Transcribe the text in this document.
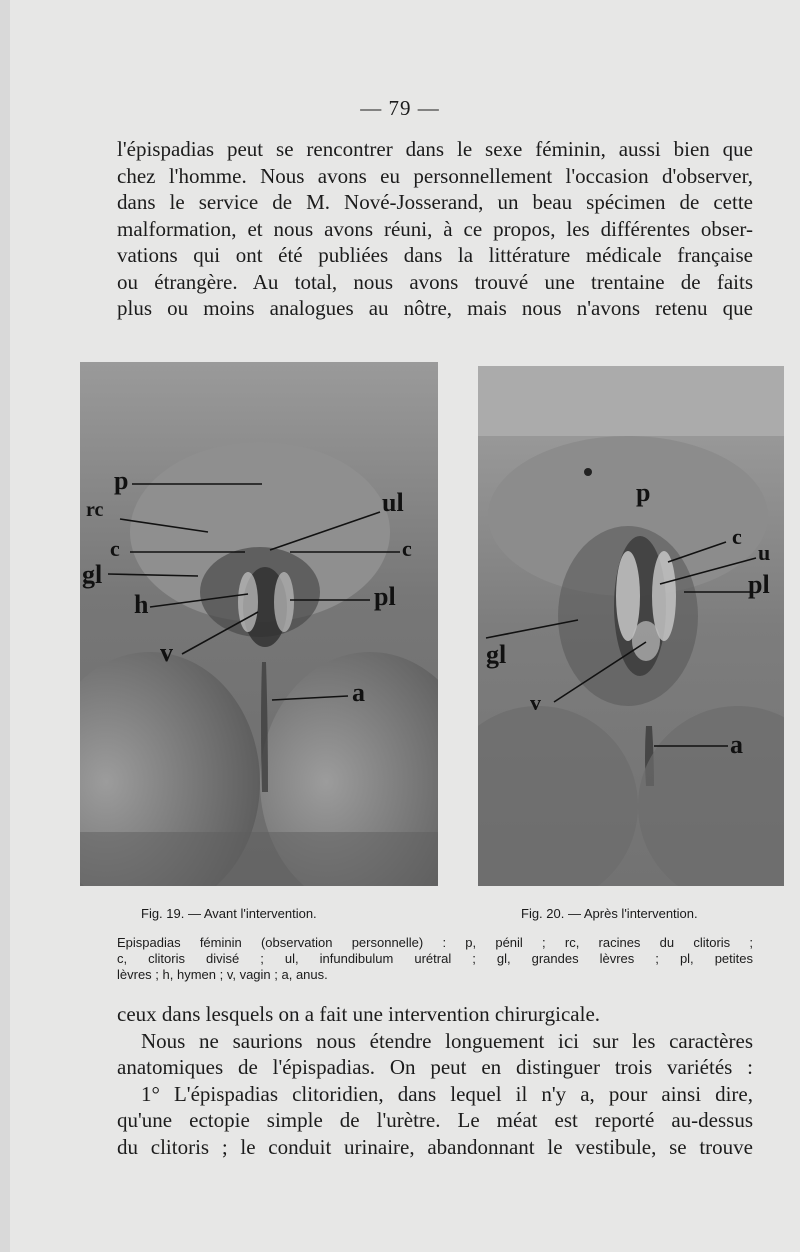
— 79 —
l'épispadias peut se rencontrer dans le sexe féminin, aussi bien que
chez l'homme. Nous avons eu personnellement l'occasion d'observer,
dans le service de M. Nové-Josserand, un beau spécimen de cette
malformation, et nous avons réuni, à ce propos, les différentes obser-
vations qui ont été publiées dans la littérature médicale française
ou étrangère. Au total, nous avons trouvé une trentaine de faits
plus ou moins analogues au nôtre, mais nous n'avons retenu que
p
rc
c
ul
c
gl
h	pl
v
a
p
c
u
pl
gl
v
a
Fig. 19. — Avant l'intervention.	Fig. 20. — Après l'intervention.
Epispadias féminin (observation personnelle) : p, pénil ; rc, racines du clitoris ;
c, clitoris divisé ; ul, infundibulum urétral ; gl, grandes lèvres ; pl, petites
lèvres ; h, hymen ; v, vagin ; a, anus.
ceux dans lesquels on a fait une intervention chirurgicale.
Nous ne saurions nous étendre longuement ici sur les caractères
anatomiques de l'épispadias. On peut en distinguer trois variétés :
1° L'épispadias clitoridien, dans lequel il n'y a, pour ainsi dire,
qu'une ectopie simple de l'urètre. Le méat est reporté au-dessus
du clitoris ; le conduit urinaire, abandonnant le vestibule, se trouve
